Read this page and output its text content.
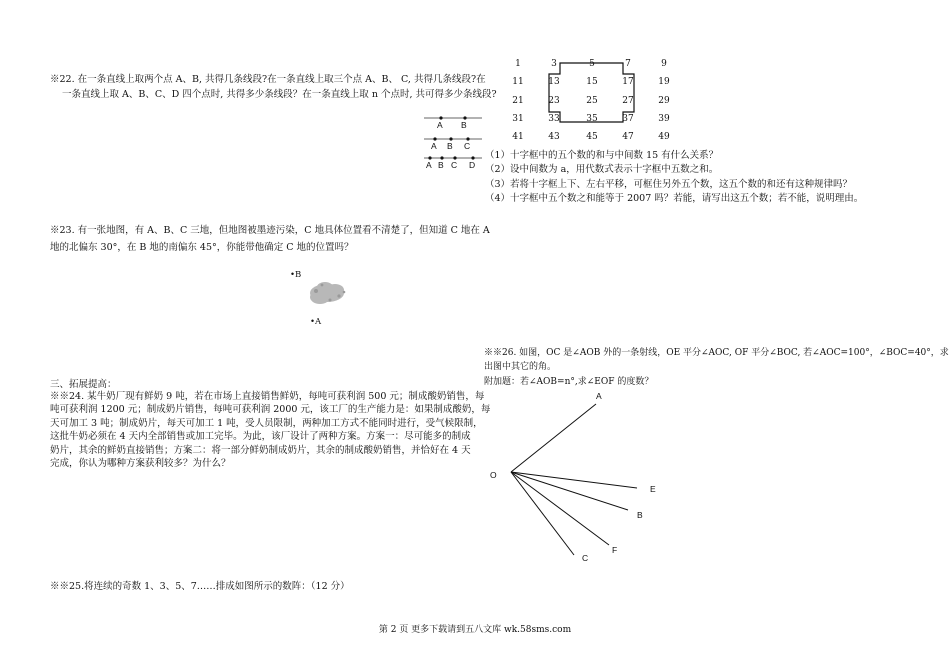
※22. 在一条直线上取两个点 A、B, 共得几条线段?在一条直线上取三个点 A、B、 C, 共得几条线段?在
一条直线上取 A、B、C、D 四个点时, 共得多少条线段？在一条直线上取 n 个点时, 共可得多少条线段?
A B
A B C
A B C D
※23. 有一张地图，有 A、B、C 三地，但地图被墨迹污染，C 地具体位置看不清楚了，但知道 C 地在 A
地的北偏东 30°，在 B 地的南偏东 45°，你能带他确定 C 地的位置吗？
•B
•A
三、拓展提高：
※※24. 某牛奶厂现有鲜奶 9 吨，若在市场上直接销售鲜奶，每吨可获利润 500 元；制成酸奶销售，每
吨可获利润 1200 元；制成奶片销售，每吨可获利润 2000 元，该工厂的生产能力是：如果制成酸奶，每
天可加工 3 吨；制成奶片，每天可加工 1 吨，受人员限制，两种加工方式不能同时进行，受气候限制，
这批牛奶必须在 4 天内全部销售或加工完毕。为此，该厂设计了两种方案。方案一：尽可能多的制成
奶片，其余的鲜奶直接销售；方案二：将一部分鲜奶制成奶片，其余的制成酸奶销售，并恰好在 4 天
完成，你认为哪种方案获利较多？为什么？
※※25.将连续的奇数 1、3、5、7……排成如图所示的数阵：（12 分）
1	3	5	7	9
11	13	15	17	19
21	23	25	27	29
31	33	35	37	39
41	43	45	47	49
（1）十字框中的五个数的和与中间数 15 有什么关系？
（2）设中间数为 a，用代数式表示十字框中五数之和。
（3）若将十字框上下、左右平移，可框住另外五个数，这五个数的和还有这种规律吗？
（4）十字框中五个数之和能等于 2007 吗？若能，请写出这五个数；若不能，说明理由。
※※26. 如图，OC 是∠AOB 外的一条射线，OE 平分∠AOC, OF 平分∠BOC, 若∠AOC=100°，∠BOC=40°，求
出图中其它的角。
附加题：若∠AOB=n°,求∠EOF 的度数？
A
O
E
B
F
C
第 2 页 更多下载请到五八文库 wk.58sms.com
